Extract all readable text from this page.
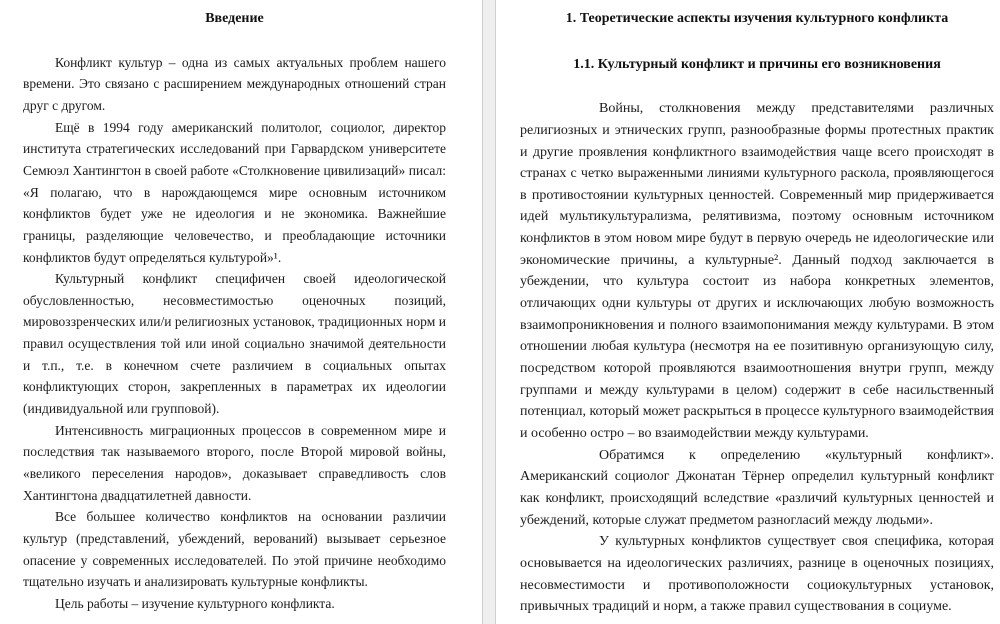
Введение

Конфликт культур – одна из самых актуальных проблем нашего времени. Это связано с расширением международных отношений стран друг с другом.

Ещё в 1994 году американский политолог, социолог, директор института стратегических исследований при Гарвардском университете Семюэл Хантингтон в своей работе «Столкновение цивилизаций» писал: «Я полагаю, что в нарождающемся мире основным источником конфликтов будет уже не идеология и не экономика. Важнейшие границы, разделяющие человечество, и преобладающие источники конфликтов будут определяться культурой»¹.

Культурный конфликт специфичен своей идеологической обусловленностью, несовместимостью оценочных позиций, мировоззренческих или/и религиозных установок, традиционных норм и правил осуществления той или иной социально значимой деятельности и т.п., т.е. в конечном счете различием в социальных опытах конфликтующих сторон, закрепленных в параметрах их идеологии (индивидуальной или групповой).

Интенсивность миграционных процессов в современном мире и последствия так называемого второго, после Второй мировой войны, «великого переселения народов», доказывает справедливость слов Хантингтона двадцатилетней давности.

Все большее количество конфликтов на основании различии культур (представлений, убеждений, верований) вызывает серьезное опасение у современных исследователей. По этой причине необходимо тщательно изучать и анализировать культурные конфликты.

Цель работы – изучение культурного конфликта.

1. Теоретические аспекты изучения культурного конфликта
1.1. Культурный конфликт и причины его возникновения

Войны, столкновения между представителями различных религиозных и этнических групп, разнообразные формы протестных практик и другие проявления конфликтного взаимодействия чаще всего происходят в странах с четко выраженными линиями культурного раскола, проявляющегося в противостоянии культурных ценностей. Современный мир придерживается идей мультикультурализма, релятивизма, поэтому основным источником конфликтов в этом новом мире будут в первую очередь не идеологические или экономические причины, а культурные². Данный подход заключается в убеждении, что культура состоит из набора конкретных элементов, отличающих одни культуры от других и исключающих любую возможность взаимопроникновения и полного взаимопонимания между культурами. В этом отношении любая культура (несмотря на ее позитивную организующую силу, посредством которой проявляются взаимоотношения внутри групп, между группами и между культурами в целом) содержит в себе насильственный потенциал, который может раскрыться в процессе культурного взаимодействия и особенно остро – во взаимодействии между культурами.

Обратимся к определению «культурный конфликт». Американский социолог Джонатан Тёрнер определил культурный конфликт как конфликт, происходящий вследствие «различий культурных ценностей и убеждений, которые служат предметом разногласий между людьми».

У культурных конфликтов существует своя специфика, которая основывается на идеологических различиях, разнице в оценочных позициях, несовместимости и противоположности социокультурных установок, привычных традиций и норм, а также правил существования в социуме.
